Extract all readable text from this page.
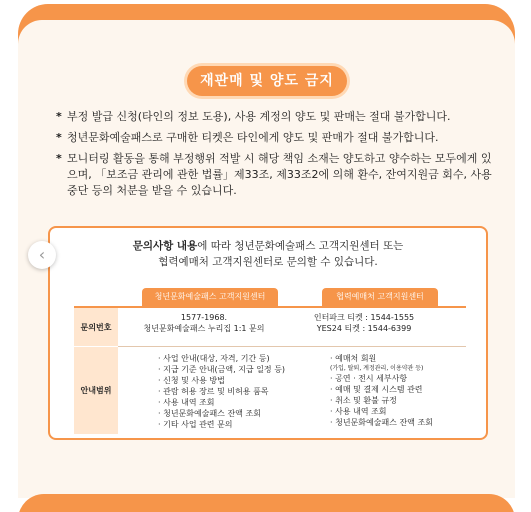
재판매 및 양도 금지
* 부정 발급 신청(타인의 정보 도용), 사용 계정의 양도 및 판매는 절대 불가합니다.
* 청년문화예술패스로 구매한 티켓은 타인에게 양도 및 판매가 절대 불가합니다.
* 모니터링 활동을 통해 부정행위 적발 시 해당 책임 소재는 양도하고 양수하는 모두에게 있으며, 「보조금 관리에 관한 법률」제33조, 제33조2에 의해 환수, 잔여지원금 회수, 사용중단 등의 처분을 받을 수 있습니다.
문의사항 내용에 따라 청년문화예술패스 고객지원센터 또는
협력예매처 고객지원센터로 문의할 수 있습니다.
청년문화예술패스 고객지원센터	협력예매처 고객지원센터
문의번호
안내범위
1577-1968.
청년문화예술패스 누리집 1:1 문의
인터파크 티켓 : 1544-1555
YES24 티켓 : 1544-6399
· 사업 안내(대상, 자격, 기간 등)
· 지급 기준 안내(금액, 지급 일정 등)
· 신청 및 사용 방법
· 관람 허용 장르 및 비허용 품목
· 사용 내역 조회
· 청년문화예술패스 잔액 조회
· 기타 사업 관련 문의
· 예매처 회원
(가입, 탈퇴, 계정관리, 이용약관 등)
· 공연 · 전시 세부사항
· 예매 및 결제 시스템 관련
· 취소 및 환불 규정
· 사용 내역 조회
· 청년문화예술패스 잔액 조회
‹
